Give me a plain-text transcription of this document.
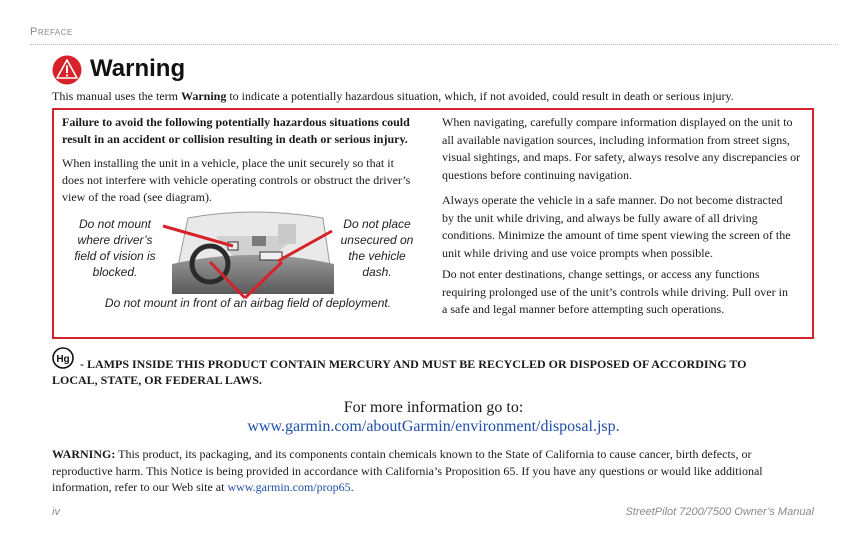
Preface
Warning
This manual uses the term Warning to indicate a potentially hazardous situation, which, if not avoided, could result in death or serious injury.
Failure to avoid the following potentially hazardous situations could
result in an accident or collision resulting in death or serious injury.
When installing the unit in a vehicle, place the unit securely so that it
does not interfere with vehicle operating controls or obstruct the driver’s
view of the road (see diagram).
Do not mount
where driver’s
field of vision is
blocked.
Do not place
unsecured on
the vehicle
dash.
Do not mount in front of an airbag field of deployment.
When navigating, carefully compare information displayed on the unit to
all available navigation sources, including information from street signs,
visual sightings, and maps. For safety, always resolve any discrepancies or
questions before continuing navigation.
Always operate the vehicle in a safe manner. Do not become distracted
by the unit while driving, and always be fully aware of all driving
conditions. Minimize the amount of time spent viewing the screen of the
unit while driving and use voice prompts when possible.
Do not enter destinations, change settings, or access any functions
requiring prolonged use of the unit’s controls while driving. Pull over in
a safe and legal manner before attempting such operations.
Hg - LAMPS INSIDE THIS PRODUCT CONTAIN MERCURY AND MUST BE RECYCLED OR DISPOSED OF ACCORDING TO
LOCAL, STATE, OR FEDERAL LAWS.
For more information go to:
www.garmin.com/aboutGarmin/environment/disposal.jsp.
WARNING: This product, its packaging, and its components contain chemicals known to the State of California to cause cancer, birth defects, or
reproductive harm. This Notice is being provided in accordance with California’s Proposition 65. If you have any questions or would like additional
information, refer to our Web site at www.garmin.com/prop65.
iv	StreetPilot 7200/7500 Owner’s Manual
